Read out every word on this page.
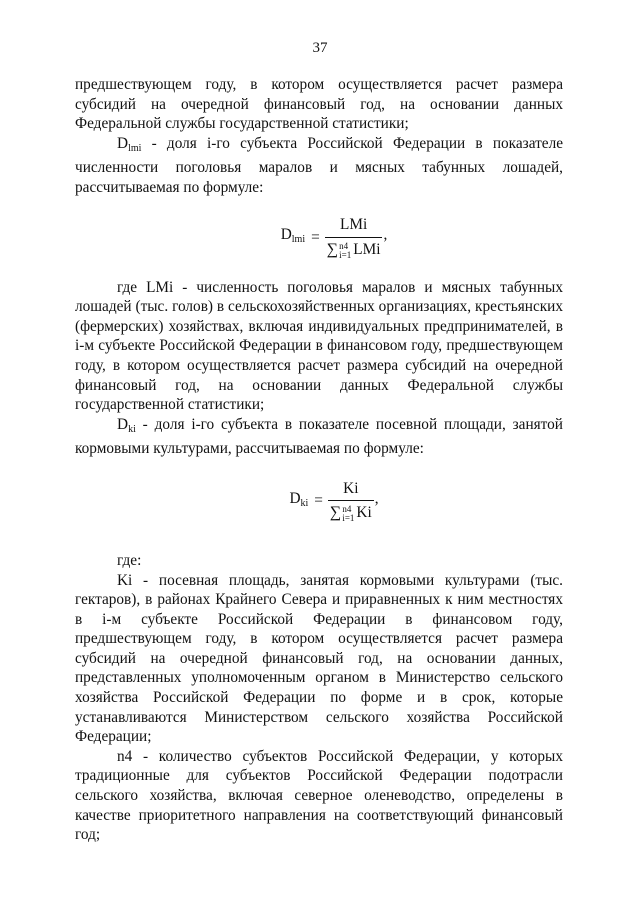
37

предшествующем году, в котором осуществляется расчет размера субсидий на очередной финансовый год, на основании данных Федеральной службы государственной статистики;

$D_{lmi}$ - доля i-го субъекта Российской Федерации в показателе численности поголовья маралов и мясных табунных лошадей, рассчитываемая по формуле:

$D_{lmi}$ =
LMi
∑ n4
i=1 LMi
,

где LMi - численность поголовья маралов и мясных табунных лошадей (тыс. голов) в сельскохозяйственных организациях, крестьянских (фермерских) хозяйствах, включая индивидуальных предпринимателей, в i-м субъекте Российской Федерации в финансовом году, предшествующем году, в котором осуществляется расчет размера субсидий на очередной финансовый год, на основании данных Федеральной службы государственной статистики;

$D_{ki}$ - доля i-го субъекта в показателе посевной площади, занятой кормовыми культурами, рассчитываемая по формуле:

$D_{ki}$ =
Ki
∑ n4
i=1 Ki
,

где:

Ki - посевная площадь, занятая кормовыми культурами (тыс. гектаров), в районах Крайнего Севера и приравненных к ним местностях в i-м субъекте Российской Федерации в финансовом году, предшествующем году, в котором осуществляется расчет размера субсидий на очередной финансовый год, на основании данных, представленных уполномоченным органом в Министерство сельского хозяйства Российской Федерации по форме и в срок, которые устанавливаются Министерством сельского хозяйства Российской Федерации;

n4 - количество субъектов Российской Федерации, у которых традиционные для субъектов Российской Федерации подотрасли сельского хозяйства, включая северное оленеводство, определены в качестве приоритетного направления на соответствующий финансовый год;
